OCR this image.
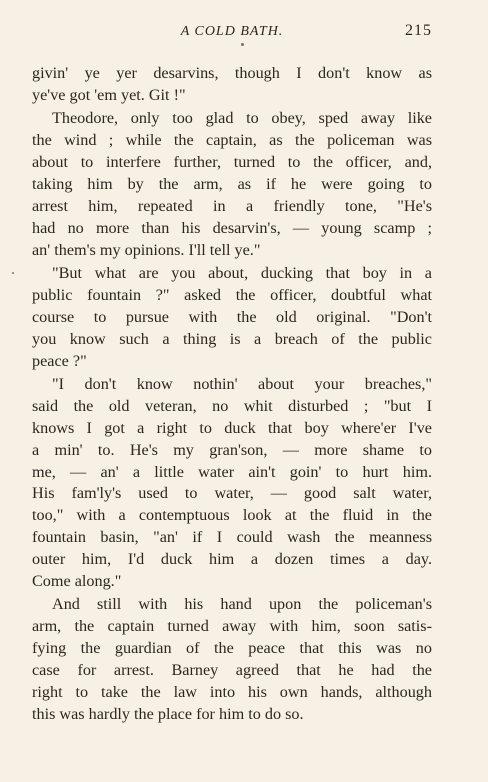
A COLD BATH.	215
givin' ye yer desarvins, though I don't know as
ye've got 'em yet. Git !"
Theodore, only too glad to obey, sped away like
the wind ; while the captain, as the policeman was
about to interfere further, turned to the officer, and,
taking him by the arm, as if he were going to
arrest him, repeated in a friendly tone, "He's
had no more than his desarvin's, — young scamp ;
an' them's my opinions. I'll tell ye."
"But what are you about, ducking that boy in a
public fountain ?" asked the officer, doubtful what
course to pursue with the old original. "Don't
you know such a thing is a breach of the public
peace ?"
"I don't know nothin' about your breaches,"
said the old veteran, no whit disturbed ; "but I
knows I got a right to duck that boy where'er I've
a min' to. He's my gran'son, — more shame to
me, — an' a little water ain't goin' to hurt him.
His fam'ly's used to water, — good salt water,
too," with a contemptuous look at the fluid in the
fountain basin, "an' if I could wash the meanness
outer him, I'd duck him a dozen times a day.
Come along."
And still with his hand upon the policeman's
arm, the captain turned away with him, soon satis-
fying the guardian of the peace that this was no
case for arrest. Barney agreed that he had the
right to take the law into his own hands, although
this was hardly the place for him to do so.
